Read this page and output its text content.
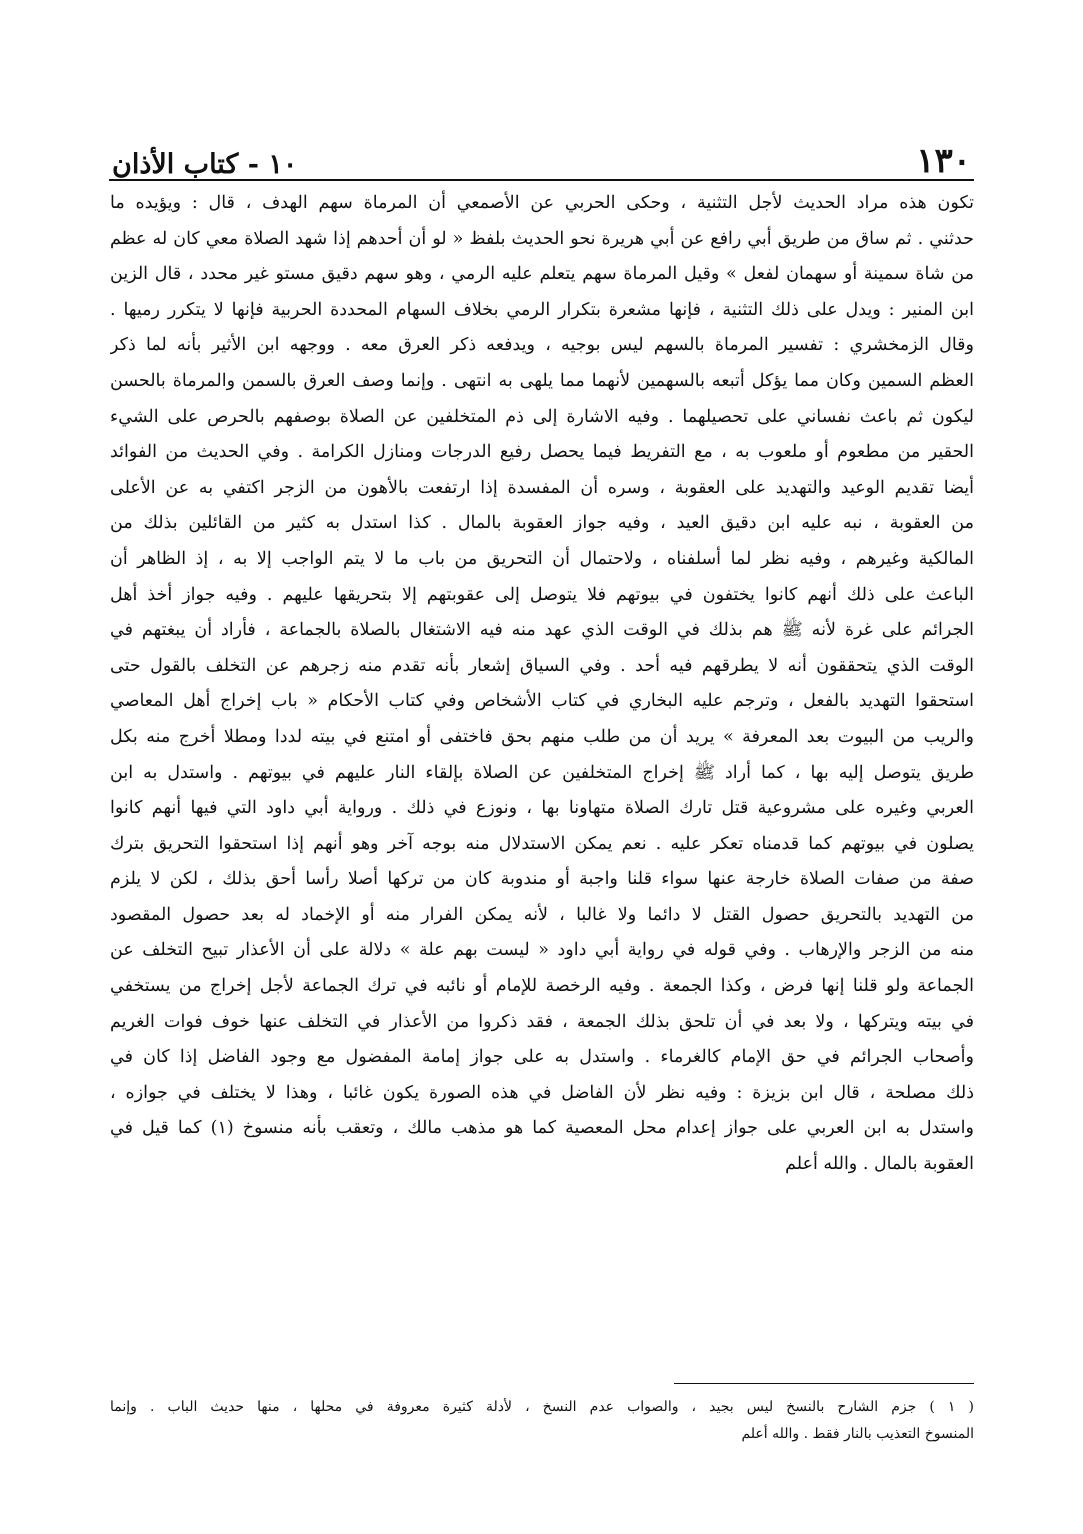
١٣٠
١٠ - كتاب الأذان
تكون هذه مراد الحديث لأجل التثنية ، وحكى الحربي عن الأصمعي أن المرماة سهم الهدف ، قال : ويؤيده ما
حدثني . ثم ساق من طريق أبي رافع عن أبي هريرة نحو الحديث بلفظ « لو أن أحدهم إذا شهد الصلاة معي كان له عظم
من شاة سمينة أو سهمان لفعل » وقيل المرماة سهم يتعلم عليه الرمي ، وهو سهم دقيق مستو غير محدد ، قال الزين
ابن المنير : ويدل على ذلك التثنية ، فإنها مشعرة بتكرار الرمي بخلاف السهام المحددة الحربية فإنها لا يتكرر رميها .
وقال الزمخشري : تفسير المرماة بالسهم ليس بوجيه ، ويدفعه ذكر العرق معه . ووجهه ابن الأثير بأنه لما ذكر
العظم السمين وكان مما يؤكل أتبعه بالسهمين لأنهما مما يلهى به انتهى . وإنما وصف العرق بالسمن والمرماة بالحسن
ليكون ثم باعث نفساني على تحصيلهما . وفيه الاشارة إلى ذم المتخلفين عن الصلاة بوصفهم بالحرص على الشيء
الحقير من مطعوم أو ملعوب به ، مع التفريط فيما يحصل رفيع الدرجات ومنازل الكرامة . وفي الحديث من الفوائد
أيضا تقديم الوعيد والتهديد على العقوبة ، وسره أن المفسدة إذا ارتفعت بالأهون من الزجر اكتفي به عن الأعلى
من العقوبة ، نبه عليه ابن دقيق العيد ، وفيه جواز العقوبة بالمال . كذا استدل به كثير من القائلين بذلك من
المالكية وغيرهم ، وفيه نظر لما أسلفناه ، ولاحتمال أن التحريق من باب ما لا يتم الواجب إلا به ، إذ الظاهر أن
الباعث على ذلك أنهم كانوا يختفون في بيوتهم فلا يتوصل إلى عقوبتهم إلا بتحريقها عليهم . وفيه جواز أخذ أهل
الجرائم على غرة لأنه ﷺ هم بذلك في الوقت الذي عهد منه فيه الاشتغال بالصلاة بالجماعة ، فأراد أن يبغتهم في
الوقت الذي يتحققون أنه لا يطرقهم فيه أحد . وفي السياق إشعار بأنه تقدم منه زجرهم عن التخلف بالقول حتى
استحقوا التهديد بالفعل ، وترجم عليه البخاري في كتاب الأشخاص وفي كتاب الأحكام « باب إخراج أهل المعاصي
والريب من البيوت بعد المعرفة » يريد أن من طلب منهم بحق فاختفى أو امتنع في بيته لددا ومطلا أخرج منه بكل
طريق يتوصل إليه بها ، كما أراد ﷺ إخراج المتخلفين عن الصلاة بإلقاء النار عليهم في بيوتهم . واستدل به ابن
العربي وغيره على مشروعية قتل تارك الصلاة متهاونا بها ، ونوزع في ذلك . ورواية أبي داود التي فيها أنهم كانوا
يصلون في بيوتهم كما قدمناه تعكر عليه . نعم يمكن الاستدلال منه بوجه آخر وهو أنهم إذا استحقوا التحريق بترك
صفة من صفات الصلاة خارجة عنها سواء قلنا واجبة أو مندوبة كان من تركها أصلا رأسا أحق بذلك ، لكن لا يلزم
من التهديد بالتحريق حصول القتل لا دائما ولا غالبا ، لأنه يمكن الفرار منه أو الإخماد له بعد حصول المقصود
منه من الزجر والإرهاب . وفي قوله في رواية أبي داود « ليست بهم علة » دلالة على أن الأعذار تبيح التخلف عن
الجماعة ولو قلنا إنها فرض ، وكذا الجمعة . وفيه الرخصة للإمام أو نائبه في ترك الجماعة لأجل إخراج من يستخفي
في بيته ويتركها ، ولا بعد في أن تلحق بذلك الجمعة ، فقد ذكروا من الأعذار في التخلف عنها خوف فوات الغريم
وأصحاب الجرائم في حق الإمام كالغرماء . واستدل به على جواز إمامة المفضول مع وجود الفاضل إذا كان في
ذلك مصلحة ، قال ابن بزيزة : وفيه نظر لأن الفاضل في هذه الصورة يكون غائبا ، وهذا لا يختلف في جوازه ،
واستدل به ابن العربي على جواز إعدام محل المعصية كما هو مذهب مالك ، وتعقب بأنه منسوخ (١) كما قيل في
العقوبة بالمال . والله أعلم
( ١ ) جزم الشارح بالنسخ ليس بجيد ، والصواب عدم النسخ ، لأدلة كثيرة معروفة في محلها ، منها حديث الباب . وإنما
المنسوخ التعذيب بالنار فقط . والله أعلم
